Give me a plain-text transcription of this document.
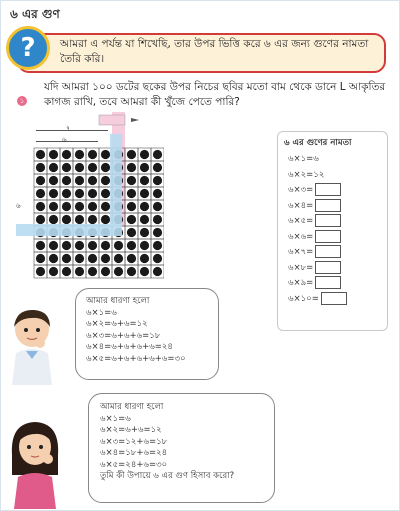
৬ এর গুণ
?	আমরা এ পর্যন্ত যা শিখেছি, তার উপর ভিত্তি করে ৬ এর জন্য গুণের নামতা তৈরি করি।
১
যদি আমরা ১০০ ডটের ছকের উপর নিচের ছবির মতো বাম থেকে ডানে L আকৃতির কাগজ রাখি, তবে আমরা কী খুঁজে পেতে পারি?
৭
৬
৬
৬ এর গুণের নামতা
৬×১=৬
৬×২=১২
৬×৩=
৬×৪=
৬×৫=
৬×৬=
৬×৭=
৬×৮=
৬×৯=
৬×১০=
আমার ধারণা হলো
৬×১=৬
৬×২=৬+৬=১২
৬×৩=৬+৬+৬=১৮
৬×৪=৬+৬+৬+৬=২৪
৬×৫=৬+৬+৬+৬+৬=৩০
আমার ধারণা হলো
৬×১=৬
৬×২=৬+৬=১২
৬×৩=১২+৬=১৮
৬×৪=১৮+৬=২৪
৬×৫=২৪+৬=৩০
তুমি কী উপায়ে ৬ এর গুণ হিসাব করো?
